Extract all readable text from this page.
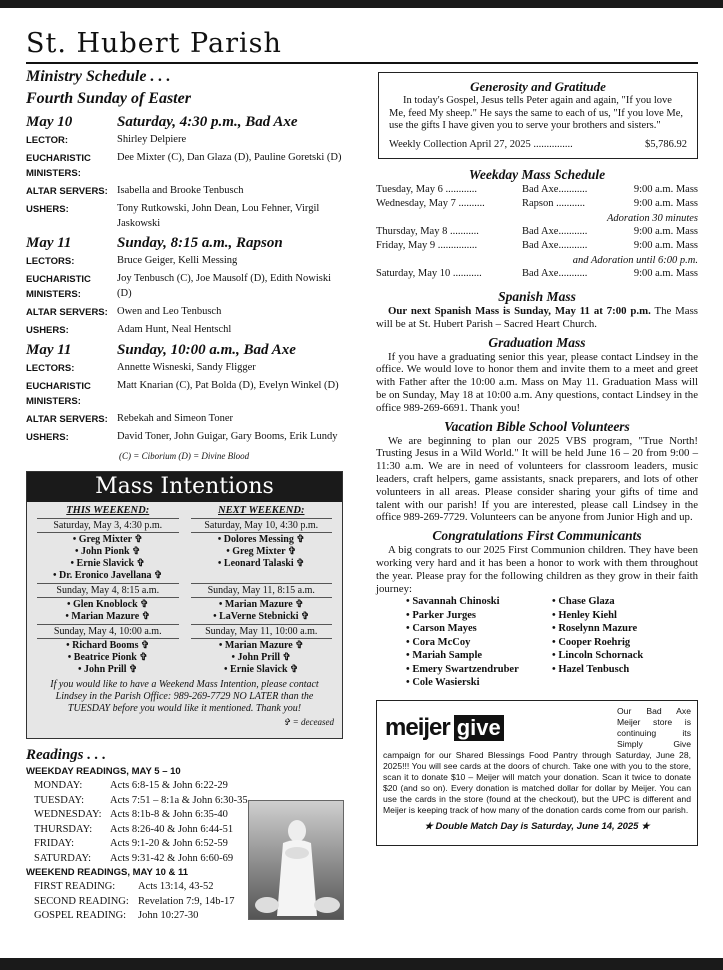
St. Hubert Parish
Ministry Schedule . . .
Fourth Sunday of Easter
May 10	Saturday, 4:30 p.m., Bad Axe
LECTOR:	Shirley Delpiere
EUCHARISTIC MINISTERS:
Dee Mixter (C), Dan Glaza (D), Pauline Goretski (D)
ALTAR SERVERS: Isabella and Brooke Tenbusch
USHERS:	Tony Rutkowski, John Dean, Lou Fehner, Virgil Jaskowski
May 11	Sunday, 8:15 a.m., Rapson
LECTORS:	Bruce Geiger, Kelli Messing
EUCHARISTIC MINISTERS:
Joy Tenbusch (C), Joe Mausolf (D), Edith Nowiski (D)
ALTAR SERVERS: Owen and Leo Tenbusch
USHERS:	Adam Hunt, Neal Hentschl
May 11	Sunday, 10:00 a.m., Bad Axe
LECTORS:	Annette Wisneski, Sandy Fligger
EUCHARISTIC MINISTERS:
Matt Knarian (C), Pat Bolda (D), Evelyn Winkel (D)
ALTAR SERVERS: Rebekah and Simeon Toner
USHERS:	David Toner, John Guigar, Gary Booms, Erik Lundy
(C) = Ciborium (D) = Divine Blood
Mass Intentions
THIS WEEKEND:
Saturday, May 3, 4:30 p.m.
• Greg Mixter ✞
• John Pionk ✞
• Ernie Slavick ✞
• Dr. Eronico Javellana ✞
Sunday, May 4, 8:15 a.m.
• Glen Knoblock ✞
• Marian Mazure ✞
Sunday, May 4, 10:00 a.m.
• Richard Booms ✞
• Beatrice Pionk ✞
• John Prill ✞
NEXT WEEKEND:
Saturday, May 10, 4:30 p.m.
• Dolores Messing ✞
• Greg Mixter ✞
• Leonard Talaski ✞
Sunday, May 11, 8:15 a.m.
• Marian Mazure ✞
• LaVerne Stebnicki ✞
Sunday, May 11, 10:00 a.m.
• Marian Mazure ✞
• John Prill ✞
• Ernie Slavick ✞
If you would like to have a Weekend Mass Intention, please contact Lindsey in the Parish Office: 989-269-7729 NO LATER than the TUESDAY before you would like it mentioned. Thank you!
✞ = deceased
Readings . . .
WEEKDAY READINGS, MAY 5 – 10
MONDAY:	Acts 6:8-15 & John 6:22-29
TUESDAY:	Acts 7:51 – 8:1a & John 6:30-35
WEDNESDAY: Acts 8:1b-8 & John 6:35-40
THURSDAY:	Acts 8:26-40 & John 6:44-51
FRIDAY:	Acts 9:1-20 & John 6:52-59
SATURDAY:	Acts 9:31-42 & John 6:60-69
WEEKEND READINGS, MAY 10 & 11
FIRST READING:	Acts 13:14, 43-52
SECOND READING: Revelation 7:9, 14b-17
GOSPEL READING:	John 10:27-30
Generosity and Gratitude
In today's Gospel, Jesus tells Peter again and again, "If you love Me, feed My sheep." He says the same to each of us, "If you love Me, use the gifts I have given you to serve your brothers and sisters."
Weekly Collection April 27, 2025 ...............	$5,786.92
Weekday Mass Schedule
Tuesday, May 6 ............	Bad Axe...........	9:00 a.m. Mass
Wednesday, May 7 ..........	Rapson ...........	9:00 a.m. Mass
Adoration 30 minutes
Thursday, May 8 ...........	Bad Axe...........	9:00 a.m. Mass
Friday, May 9 ...............	Bad Axe...........	9:00 a.m. Mass
and Adoration until 6:00 p.m.
Saturday, May 10 ...........	Bad Axe...........	9:00 a.m. Mass
Spanish Mass
Our next Spanish Mass is Sunday, May 11 at 7:00 p.m. The Mass will be at St. Hubert Parish – Sacred Heart Church.
Graduation Mass
If you have a graduating senior this year, please contact Lindsey in the office. We would love to honor them and invite them to a meet and greet with Father after the 10:00 a.m. Mass on May 11. Graduation Mass will be on Sunday, May 18 at 10:00 a.m. Any questions, contact Lindsey in the office 989-269-6691. Thank you!
Vacation Bible School Volunteers
We are beginning to plan our 2025 VBS program, "True North! Trusting Jesus in a Wild World." It will be held June 16 – 20 from 9:00 – 11:30 a.m. We are in need of volunteers for classroom leaders, music leaders, craft helpers, game assistants, snack preparers, and lots of other volunteers in all areas. Please consider sharing your gifts of time and talent with our parish! If you are interested, please call Lindsey in the office 989-269-7729. Volunteers can be anyone from Junior High and up.
Congratulations First Communicants
A big congrats to our 2025 First Communion children. They have been working very hard and it has been a honor to work with them throughout the year. Please pray for the following children as they grow in their faith journey:
• Savannah Chinoski
• Parker Jurges
• Carson Mayes
• Cora McCoy
• Mariah Sample
• Emery Swartzendruber
• Cole Wasierski
• Chase Glaza
• Henley Kiehl
• Roselynn Mazure
• Cooper Roehrig
• Lincoln Schornack
• Hazel Tenbusch
meijer give
Our Bad Axe Meijer store is continuing its Simply Give campaign for our Shared Blessings Food Pantry through Saturday, June 28, 2025!!! You will see cards at the doors of church. Take one with you to the store, scan it to donate $10 – Meijer will match your donation. Scan it twice to donate $20 (and so on). Every donation is matched dollar for dollar by Meijer. You can use the cards in the store (found at the checkout), but the UPC is different and Meijer is keeping track of how many of the donation cards come from our parish.
★ Double Match Day is Saturday, June 14, 2025 ★
